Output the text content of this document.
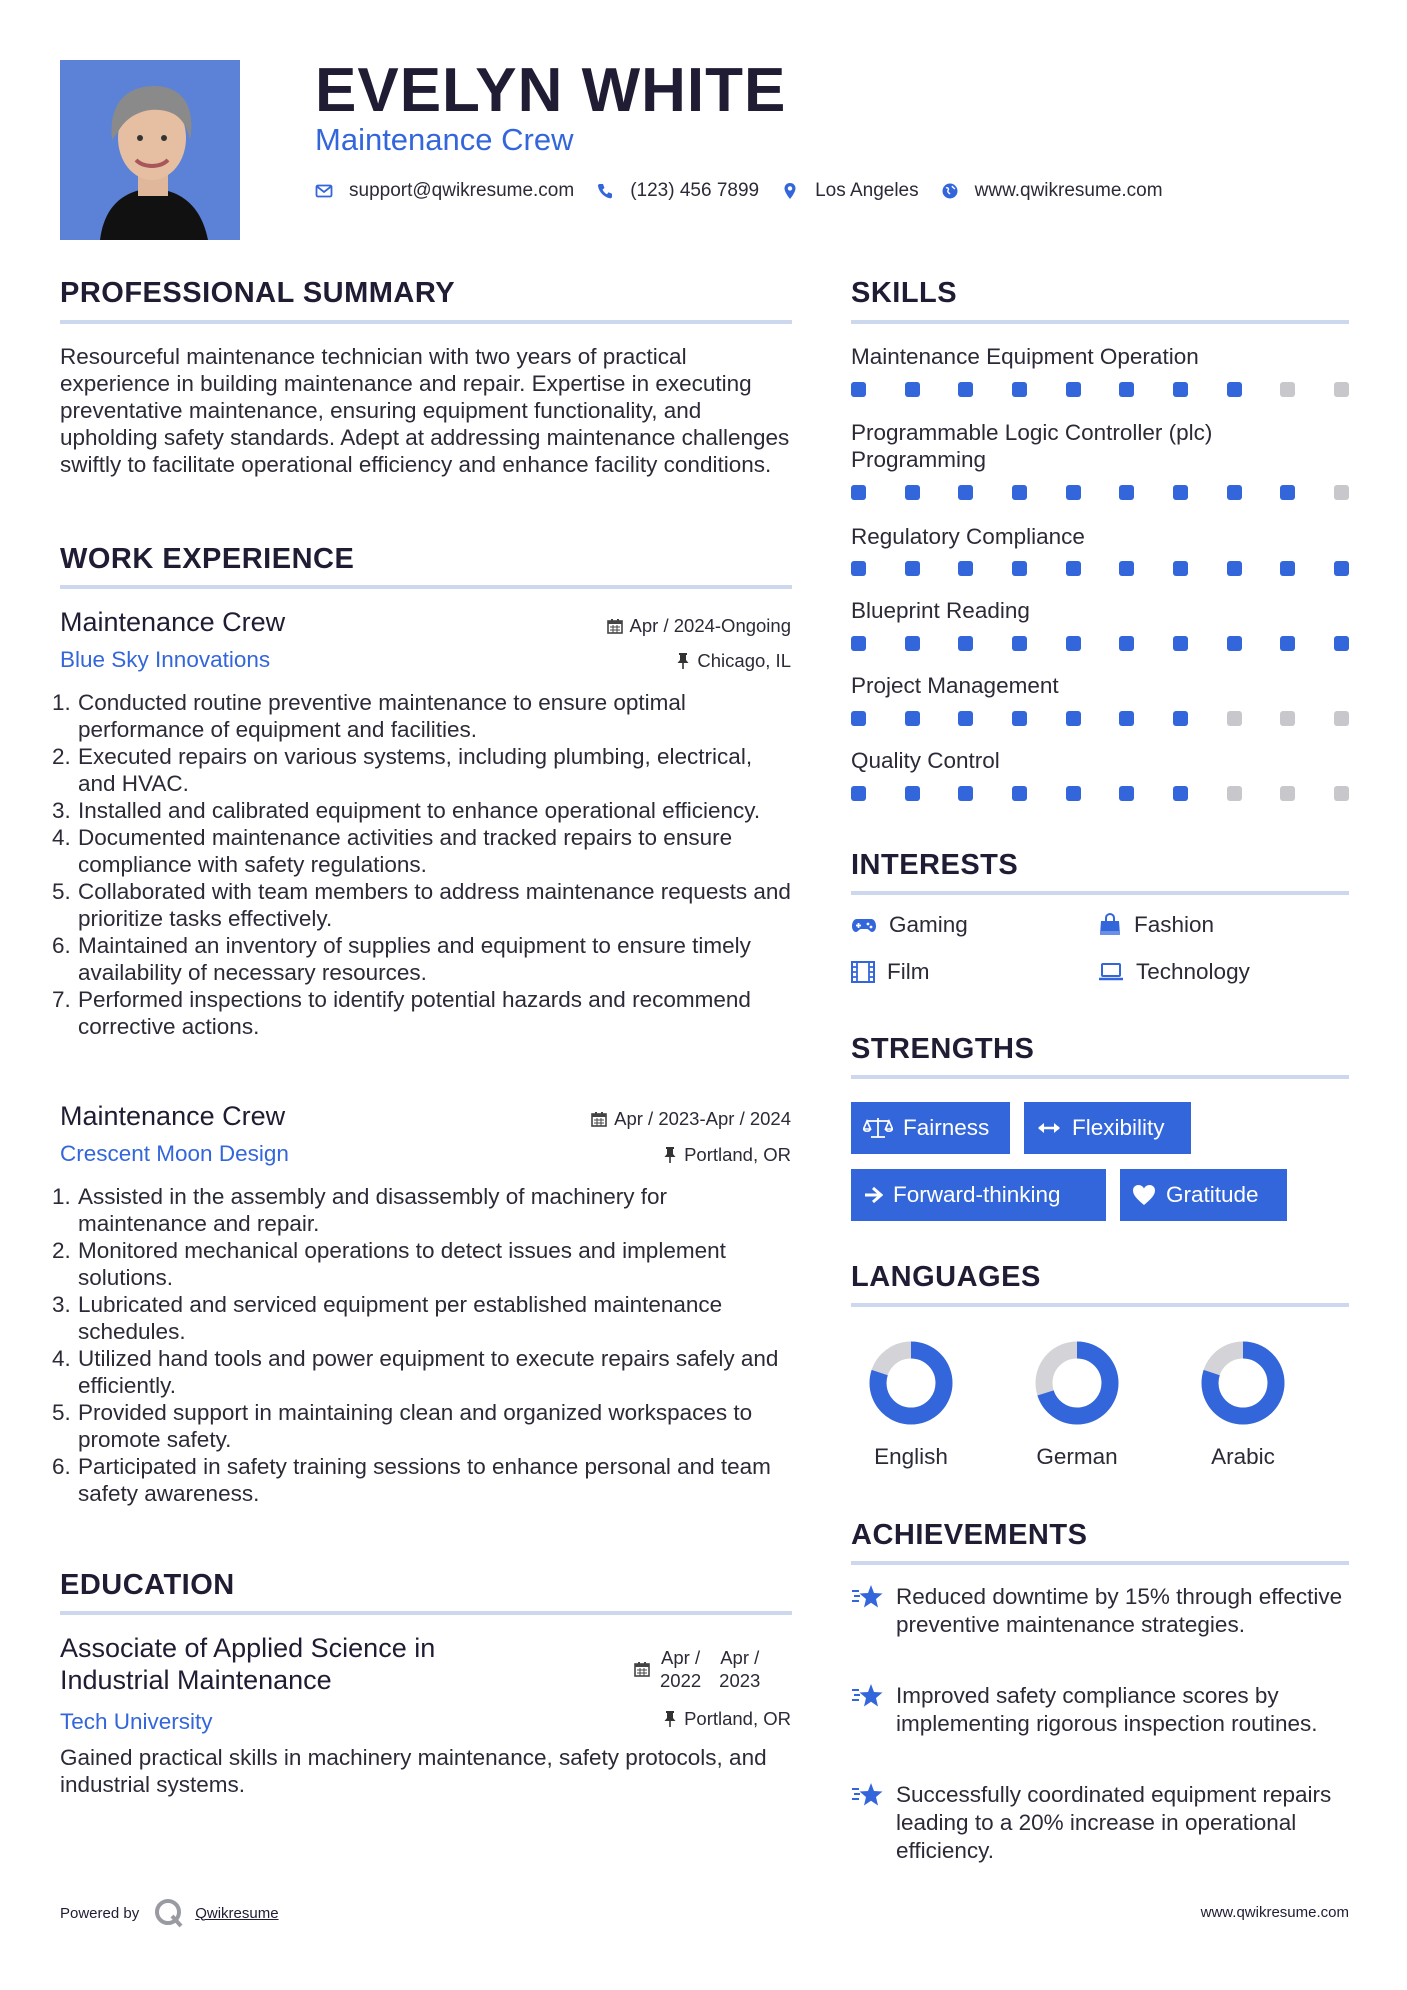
EVELYN WHITE
Maintenance Crew
support@qwikresume.com	(123) 456 7899	Los Angeles	www.qwikresume.com
PROFESSIONAL SUMMARY
Resourceful maintenance technician with two years of practical experience in building maintenance and repair. Expertise in executing preventative maintenance, ensuring equipment functionality, and upholding safety standards. Adept at addressing maintenance challenges swiftly to facilitate operational efficiency and enhance facility conditions.
WORK EXPERIENCE
Maintenance Crew
Blue Sky Innovations
Apr / 2024-Ongoing
Chicago, IL
1. Conducted routine preventive maintenance to ensure optimal performance of equipment and facilities.
2. Executed repairs on various systems, including plumbing, electrical, and HVAC.
3. Installed and calibrated equipment to enhance operational efficiency.
4. Documented maintenance activities and tracked repairs to ensure compliance with safety regulations.
5. Collaborated with team members to address maintenance requests and prioritize tasks effectively.
6. Maintained an inventory of supplies and equipment to ensure timely availability of necessary resources.
7. Performed inspections to identify potential hazards and recommend corrective actions.
Maintenance Crew
Crescent Moon Design
Apr / 2023-Apr / 2024
Portland, OR
1. Assisted in the assembly and disassembly of machinery for maintenance and repair.
2. Monitored mechanical operations to detect issues and implement solutions.
3. Lubricated and serviced equipment per established maintenance schedules.
4. Utilized hand tools and power equipment to execute repairs safely and efficiently.
5. Provided support in maintaining clean and organized workspaces to promote safety.
6. Participated in safety training sessions to enhance personal and team safety awareness.
EDUCATION
Associate of Applied Science in
Industrial Maintenance
Tech University
Apr /
2022
Apr /
2023
Portland, OR
Gained practical skills in machinery maintenance, safety protocols, and industrial systems.
SKILLS
Maintenance Equipment Operation
Programmable Logic Controller (plc) Programming
Regulatory Compliance
Blueprint Reading
Project Management
Quality Control
INTERESTS
Gaming	Fashion
Film	Technology
STRENGTHS
Fairness	Flexibility
Forward-thinking	Gratitude
LANGUAGES
English	German	Arabic
ACHIEVEMENTS
Reduced downtime by 15% through effective preventive maintenance strategies.
Improved safety compliance scores by implementing rigorous inspection routines.
Successfully coordinated equipment repairs leading to a 20% increase in operational efficiency.
Powered by	Qwikresume	www.qwikresume.com
